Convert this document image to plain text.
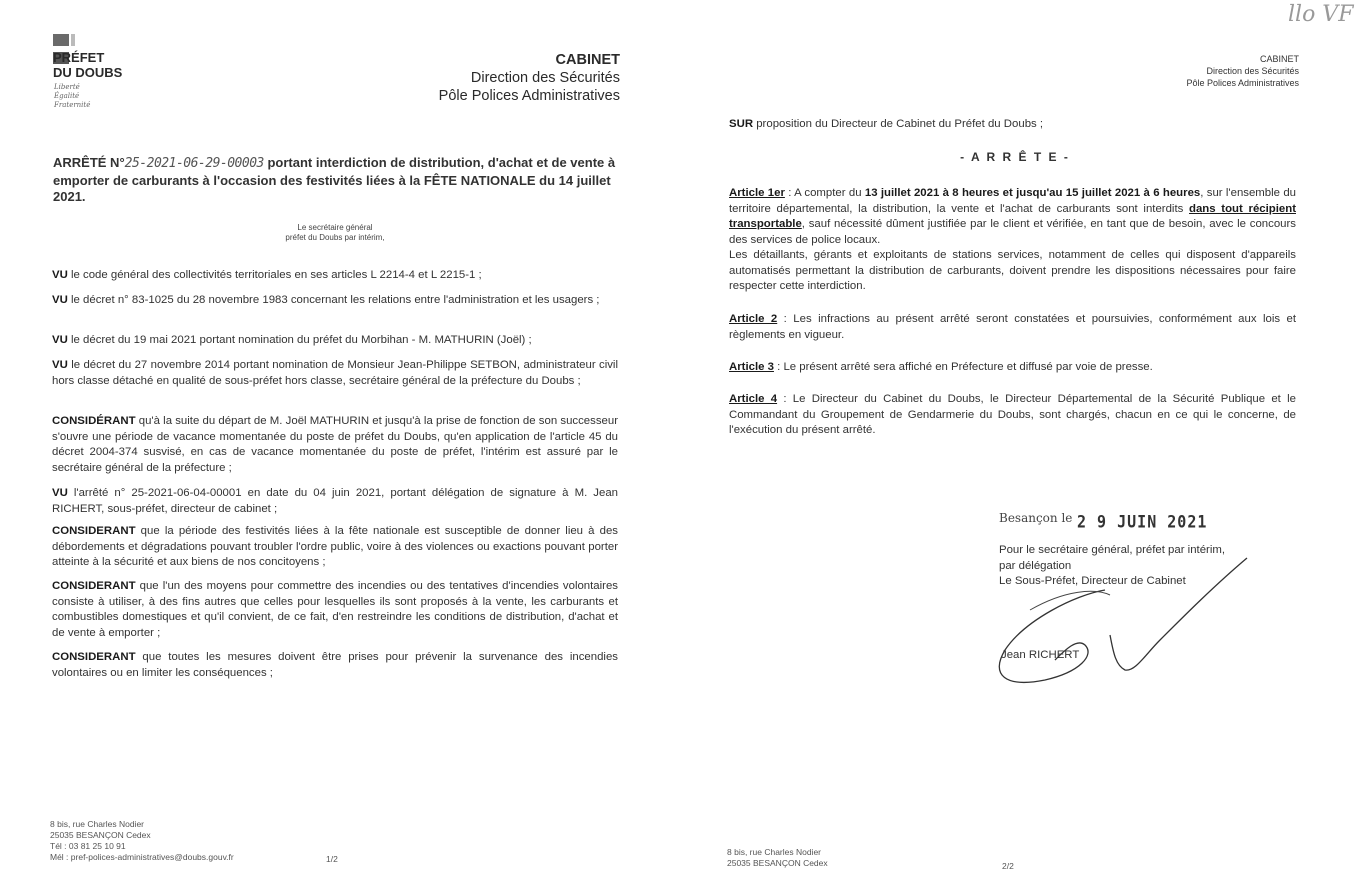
llo VF
PRÉFET
DU DOUBS
Liberté
Égalité
Fraternité
CABINET
Direction des Sécurités
Pôle Polices Administratives
ARRÊTÉ N°25-2021-06-29-00003 portant interdiction de distribution, d'achat et de vente à emporter de carburants à l'occasion des festivités liées à la FÊTE NATIONALE du 14 juillet 2021.
Le secrétaire général
préfet du Doubs par intérim,

VU le code général des collectivités territoriales en ses articles L 2214-4 et L 2215-1 ;

VU le décret n° 83-1025 du 28 novembre 1983 concernant les relations entre l'administration et les usagers ;

VU le décret du 19 mai 2021 portant nomination du préfet du Morbihan - M. MATHURIN (Joël) ;

VU le décret du 27 novembre 2014 portant nomination de Monsieur Jean-Philippe SETBON, administrateur civil hors classe détaché en qualité de sous-préfet hors classe, secrétaire général de la préfecture du Doubs ;

CONSIDÉRANT qu'à la suite du départ de M. Joël MATHURIN et jusqu'à la prise de fonction de son successeur s'ouvre une période de vacance momentanée du poste de préfet du Doubs, qu'en application de l'article 45 du décret 2004-374 susvisé, en cas de vacance momentanée du poste de préfet, l'intérim est assuré par le secrétaire général de la préfecture ;

VU l'arrêté n° 25-2021-06-04-00001 en date du 04 juin 2021, portant délégation de signature à M. Jean RICHERT, sous-préfet, directeur de cabinet ;

CONSIDERANT que la période des festivités liées à la fête nationale est susceptible de donner lieu à des débordements et dégradations pouvant troubler l'ordre public, voire à des violences ou exactions pouvant porter atteinte à la sécurité et aux biens de nos concitoyens ;

CONSIDERANT que l'un des moyens pour commettre des incendies ou des tentatives d'incendies volontaires consiste à utiliser, à des fins autres que celles pour lesquelles ils sont proposés à la vente, les carburants et combustibles domestiques et qu'il convient, de ce fait, d'en restreindre les conditions de distribution, d'achat et de vente à emporter ;

CONSIDERANT que toutes les mesures doivent être prises pour prévenir la survenance des incendies volontaires ou en limiter les conséquences ;

8 bis, rue Charles Nodier
25035 BESANÇON Cedex
Tél : 03 81 25 10 91
Mél : pref-polices-administratives@doubs.gouv.fr	1/2
CABINET
Direction des Sécurités
Pôle Polices Administratives

SUR proposition du Directeur de Cabinet du Préfet du Doubs ;

- A R R Ê T E -

Article 1er : A compter du 13 juillet 2021 à 8 heures et jusqu'au 15 juillet 2021 à 6 heures, sur l'ensemble du territoire départemental, la distribution, la vente et l'achat de carburants sont interdits dans tout récipient transportable, sauf nécessité dûment justifiée par le client et vérifiée, en tant que de besoin, avec le concours des services de police locaux.

Les détaillants, gérants et exploitants de stations services, notamment de celles qui disposent d'appareils automatisés permettant la distribution de carburants, doivent prendre les dispositions nécessaires pour faire respecter cette interdiction.

Article 2 : Les infractions au présent arrêté seront constatées et poursuivies, conformément aux lois et règlements en vigueur.

Article 3 : Le présent arrêté sera affiché en Préfecture et diffusé par voie de presse.

Article 4 : Le Directeur du Cabinet du Doubs, le Directeur Départemental de la Sécurité Publique et le Commandant du Groupement de Gendarmerie du Doubs, sont chargés, chacun en ce qui le concerne, de l'exécution du présent arrêté.

Besançon le 2 9 JUIN 2021
Pour le secrétaire général, préfet par intérim,
par délégation
Le Sous-Préfet, Directeur de Cabinet
Jean RICHERT
8 bis, rue Charles Nodier
25035 BESANÇON Cedex	2/2
